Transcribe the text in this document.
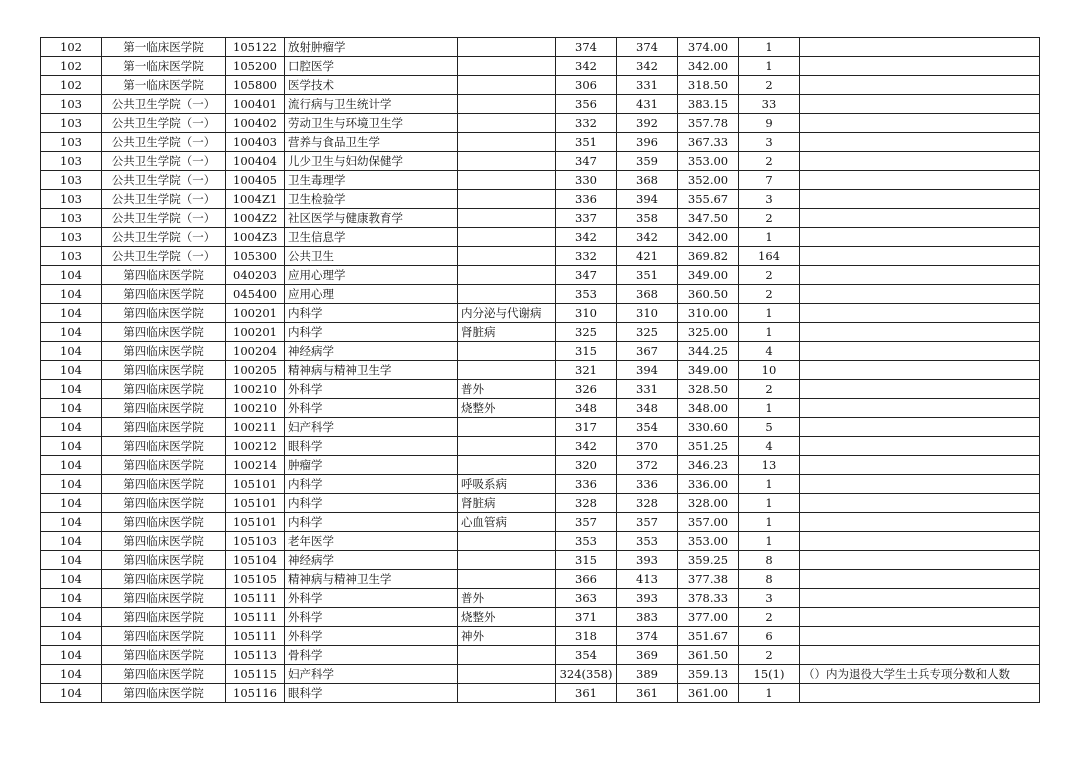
102	第一临床医学院	105122	放射肿瘤学		374	374	374.00	1	
102	第一临床医学院	105200	口腔医学		342	342	342.00	1	
102	第一临床医学院	105800	医学技术		306	331	318.50	2	
103	公共卫生学院（一）	100401	流行病与卫生统计学		356	431	383.15	33	
103	公共卫生学院（一）	100402	劳动卫生与环境卫生学		332	392	357.78	9	
103	公共卫生学院（一）	100403	营养与食品卫生学		351	396	367.33	3	
103	公共卫生学院（一）	100404	儿少卫生与妇幼保健学		347	359	353.00	2	
103	公共卫生学院（一）	100405	卫生毒理学		330	368	352.00	7	
103	公共卫生学院（一）	1004Z1	卫生检验学		336	394	355.67	3	
103	公共卫生学院（一）	1004Z2	社区医学与健康教育学		337	358	347.50	2	
103	公共卫生学院（一）	1004Z3	卫生信息学		342	342	342.00	1	
103	公共卫生学院（一）	105300	公共卫生		332	421	369.82	164	
104	第四临床医学院	040203	应用心理学		347	351	349.00	2	
104	第四临床医学院	045400	应用心理		353	368	360.50	2	
104	第四临床医学院	100201	内科学	内分泌与代谢病	310	310	310.00	1	
104	第四临床医学院	100201	内科学	肾脏病	325	325	325.00	1	
104	第四临床医学院	100204	神经病学		315	367	344.25	4	
104	第四临床医学院	100205	精神病与精神卫生学		321	394	349.00	10	
104	第四临床医学院	100210	外科学	普外	326	331	328.50	2	
104	第四临床医学院	100210	外科学	烧整外	348	348	348.00	1	
104	第四临床医学院	100211	妇产科学		317	354	330.60	5	
104	第四临床医学院	100212	眼科学		342	370	351.25	4	
104	第四临床医学院	100214	肿瘤学		320	372	346.23	13	
104	第四临床医学院	105101	内科学	呼吸系病	336	336	336.00	1	
104	第四临床医学院	105101	内科学	肾脏病	328	328	328.00	1	
104	第四临床医学院	105101	内科学	心血管病	357	357	357.00	1	
104	第四临床医学院	105103	老年医学		353	353	353.00	1	
104	第四临床医学院	105104	神经病学		315	393	359.25	8	
104	第四临床医学院	105105	精神病与精神卫生学		366	413	377.38	8	
104	第四临床医学院	105111	外科学	普外	363	393	378.33	3	
104	第四临床医学院	105111	外科学	烧整外	371	383	377.00	2	
104	第四临床医学院	105111	外科学	神外	318	374	351.67	6	
104	第四临床医学院	105113	骨科学		354	369	361.50	2	
104	第四临床医学院	105115	妇产科学		324(358)	389	359.13	15(1)	（）内为退役大学生士兵专项分数和人数
104	第四临床医学院	105116	眼科学		361	361	361.00	1	
